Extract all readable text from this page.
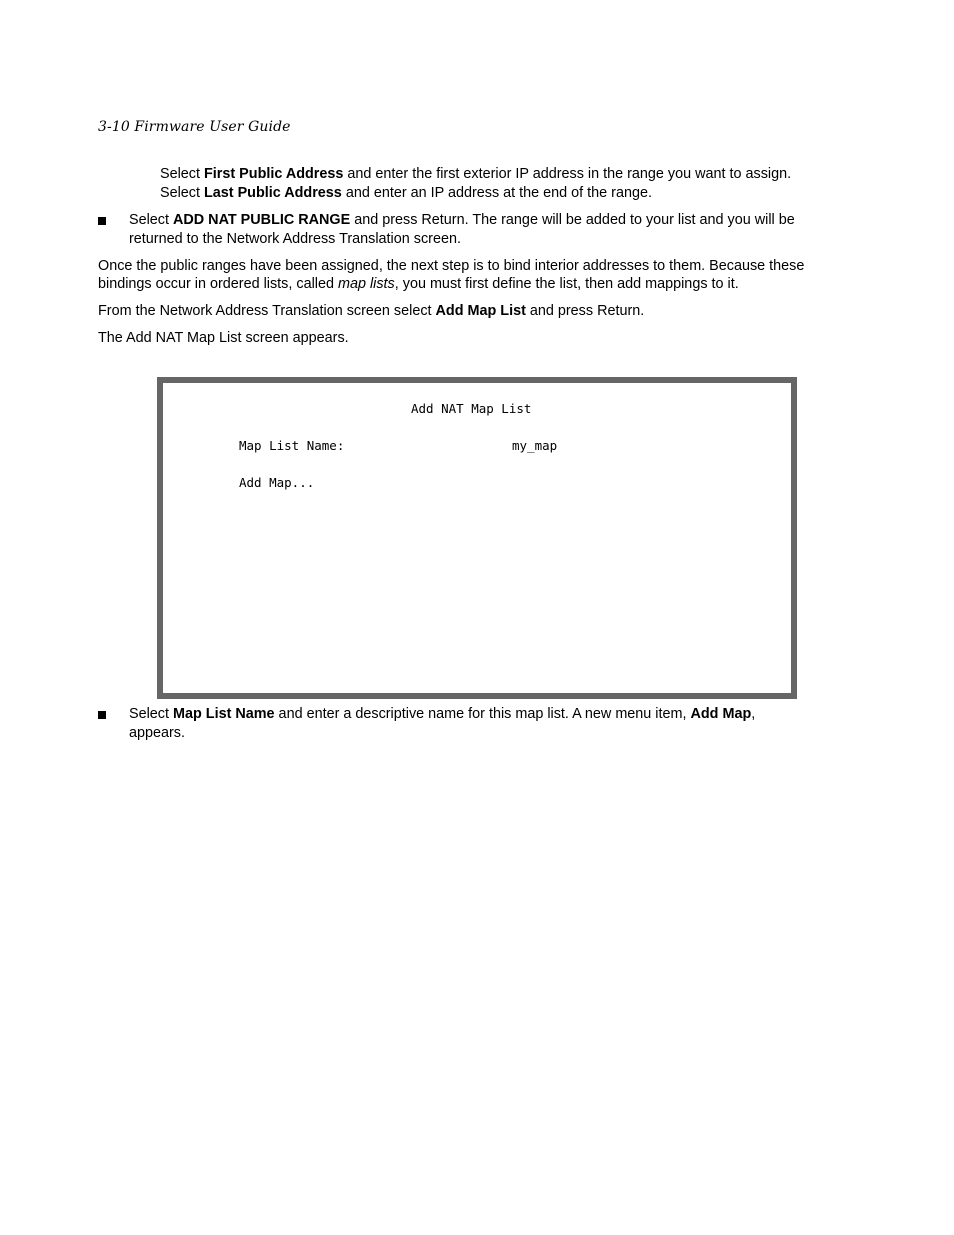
3-10 Firmware User Guide

Select First Public Address and enter the first exterior IP address in the range you want to assign.

Select Last Public Address and enter an IP address at the end of the range.

Select ADD NAT PUBLIC RANGE and press Return. The range will be added to your list and you will be

returned to the Network Address Translation screen.

Once the public ranges have been assigned, the next step is to bind interior addresses to them. Because these

bindings occur in ordered lists, called map lists, you must first define the list, then add mappings to it.

From the Network Address Translation screen select Add Map List and press Return.

The Add NAT Map List screen appears.

Add NAT Map List
Map List Name:	my_map
Add Map...

Select Map List Name and enter a descriptive name for this map list. A new menu item, Add Map,

appears.
